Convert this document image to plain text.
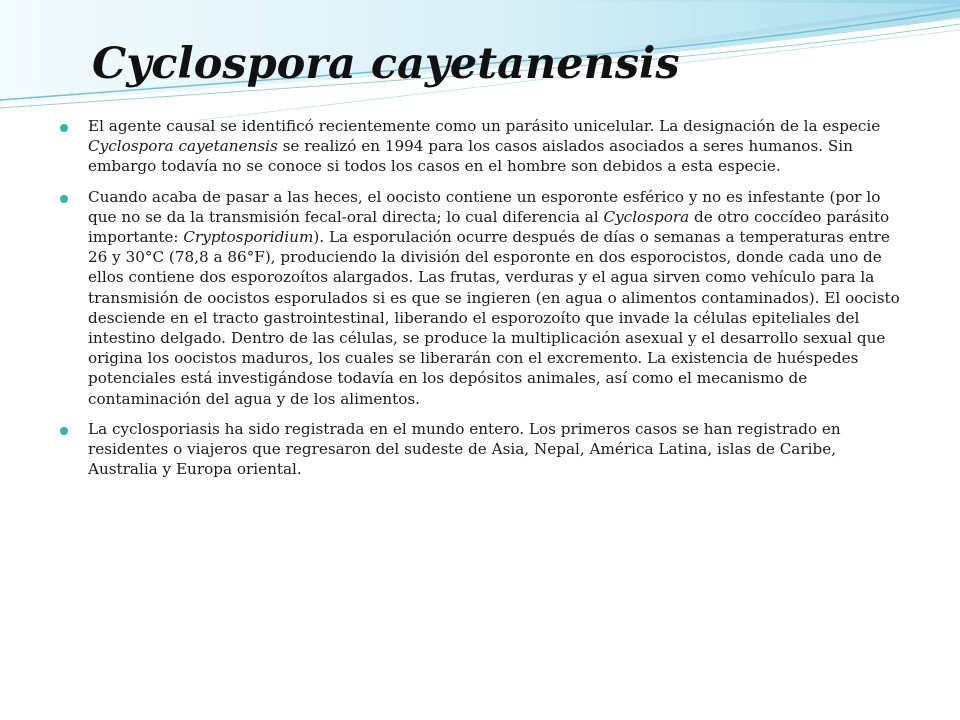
Cyclospora cayetanensis

El agente causal se identificó recientemente como un parásito unicelular. La designación de la especie Cyclospora cayetanensis se realizó en 1994 para los casos aislados asociados a seres humanos. Sin embargo todavía no se conoce si todos los casos en el hombre son debidos a esta especie.

Cuando acaba de pasar a las heces, el oocisto contiene un esporonte esférico y no es infestante (por lo que no se da la transmisión fecal-oral directa; lo cual diferencia al Cyclospora de otro coccídeo parásito importante: Cryptosporidium). La esporulación ocurre después de días o semanas a temperaturas entre 26 y 30°C (78,8 a 86°F), produciendo la división del esporonte en dos esporocistos, donde cada uno de ellos contiene dos esporozoítos alargados. Las frutas, verduras y el agua sirven como vehículo para la transmisión de oocistos esporulados si es que se ingieren (en agua o alimentos contaminados). El oocisto desciende en el tracto gastrointestinal, liberando el esporozoíto que invade la células epiteliales del intestino delgado. Dentro de las células, se produce la multiplicación asexual y el desarrollo sexual que origina los oocistos maduros, los cuales se liberarán con el excremento. La existencia de huéspedes potenciales está investigándose todavía en los depósitos animales, así como el mecanismo de contaminación del agua y de los alimentos.

La cyclosporiasis ha sido registrada en el mundo entero. Los primeros casos se han registrado en residentes o viajeros que regresaron del sudeste de Asia, Nepal, América Latina, islas de Caribe, Australia y Europa oriental.
